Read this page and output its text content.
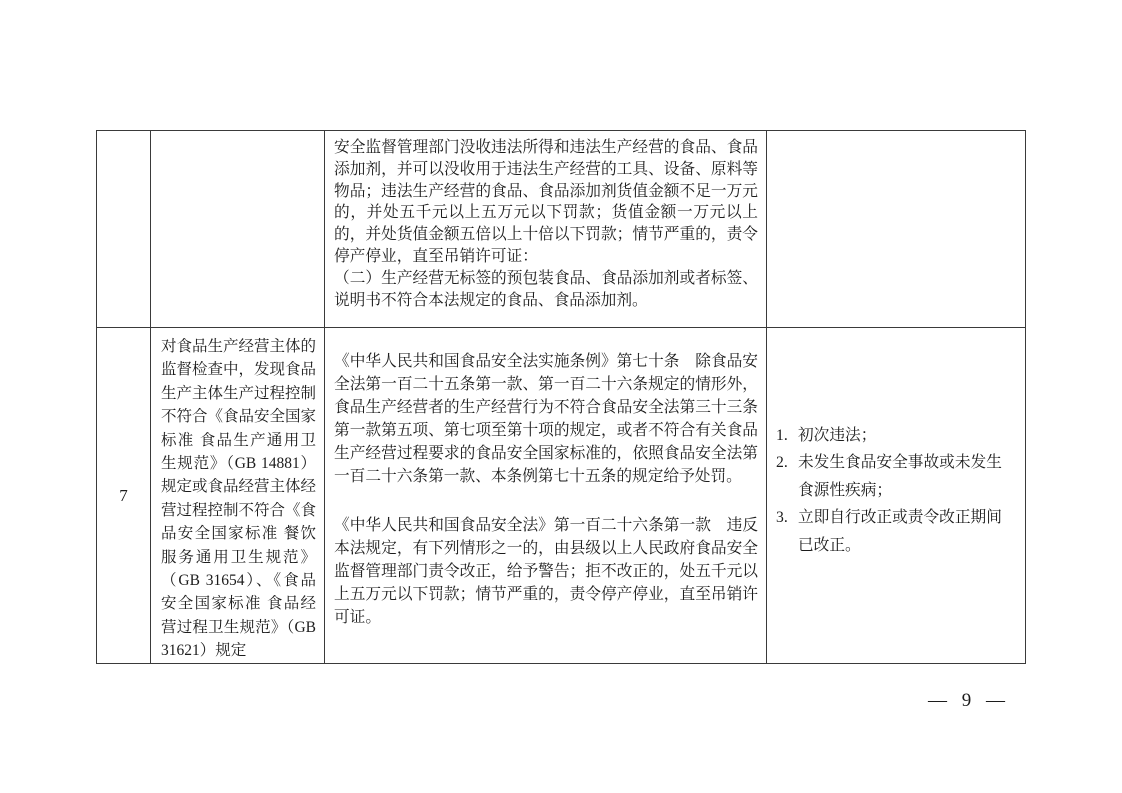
安全监督管理部门没收违法所得和违法生产经营的食品、食品添加剂，并可以没收用于违法生产经营的工具、设备、原料等物品；违法生产经营的食品、食品添加剂货值金额不足一万元的，并处五千元以上五万元以下罚款；货值金额一万元以上的，并处货值金额五倍以上十倍以下罚款；情节严重的，责令停产停业，直至吊销许可证：

（二）生产经营无标签的预包装食品、食品添加剂或者标签、说明书不符合本法规定的食品、食品添加剂。

7
对食品生产经营主体的监督检查中，发现食品生产主体生产过程控制不符合《食品安全国家标准 食品生产通用卫生规范》（GB 14881）规定或食品经营主体经营过程控制不符合《食品安全国家标准 餐饮服务通用卫生规范》（GB 31654）、《食品安全国家标准 食品经营过程卫生规范》（GB 31621）规定

《中华人民共和国食品安全法实施条例》第七十条　除食品安全法第一百二十五条第一款、第一百二十六条规定的情形外，食品生产经营者的生产经营行为不符合食品安全法第三十三条第一款第五项、第七项至第十项的规定，或者不符合有关食品生产经营过程要求的食品安全国家标准的，依照食品安全法第一百二十六条第一款、本条例第七十五条的规定给予处罚。

《中华人民共和国食品安全法》第一百二十六条第一款　违反本法规定，有下列情形之一的，由县级以上人民政府食品安全监督管理部门责令改正，给予警告；拒不改正的，处五千元以上五万元以下罚款；情节严重的，责令停产停业，直至吊销许可证。

1. 初次违法；
2. 未发生食品安全事故或未发生食源性疾病；
3. 立即自行改正或责令改正期间已改正。
— 9 —
